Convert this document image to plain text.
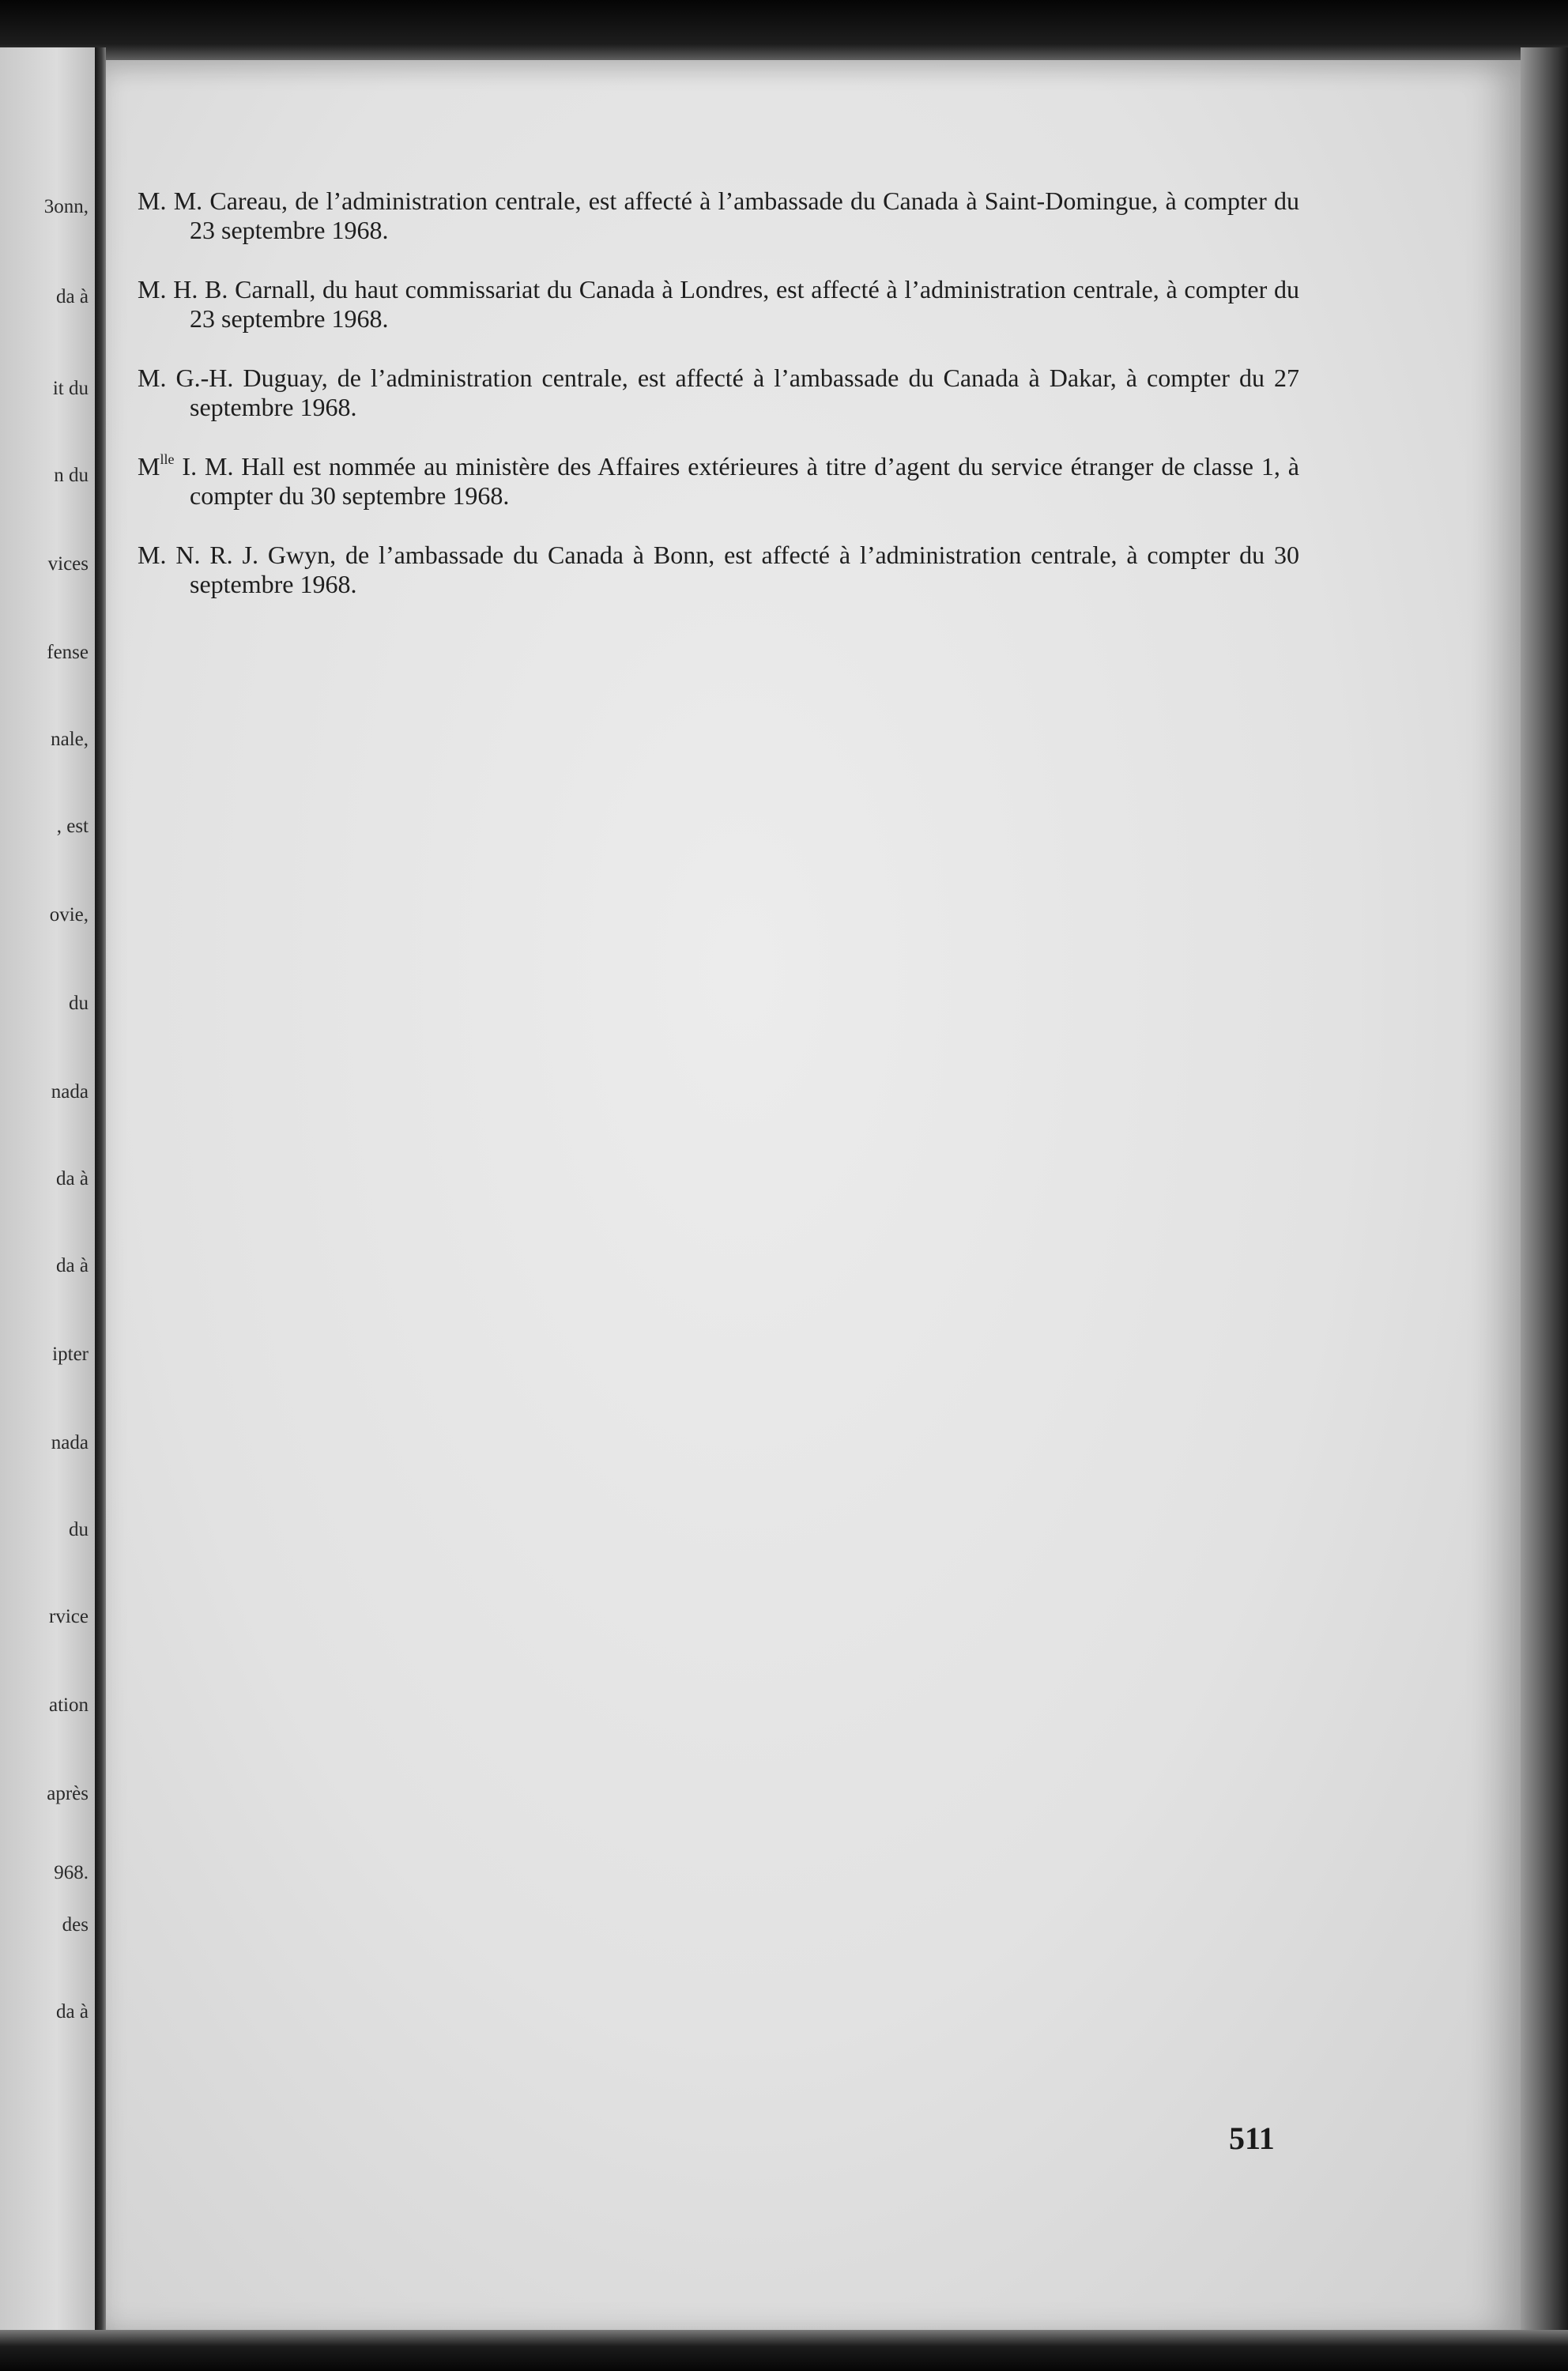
3onn,
da à
it du
n du
vices
fense
nale,
, est
ovie,
du
nada
da à
da à
ipter
nada
du
rvice
ation
après
968.
des
da à

M. M. Careau, de l’administration centrale, est affecté à l’ambassade du Canada à Saint-Domingue, à compter du 23 septembre 1968.

M. H. B. Carnall, du haut commissariat du Canada à Londres, est affecté à l’administration centrale, à compter du 23 septembre 1968.

M. G.-H. Duguay, de l’administration centrale, est affecté à l’ambassade du Canada à Dakar, à compter du 27 septembre 1968.

$M^{lle}$ I. M. Hall est nommée au ministère des Affaires extérieures à titre d’agent du service étranger de classe 1, à compter du 30 septembre 1968.

M. N. R. J. Gwyn, de l’ambassade du Canada à Bonn, est affecté à l’administration centrale, à compter du 30 septembre 1968.

511
